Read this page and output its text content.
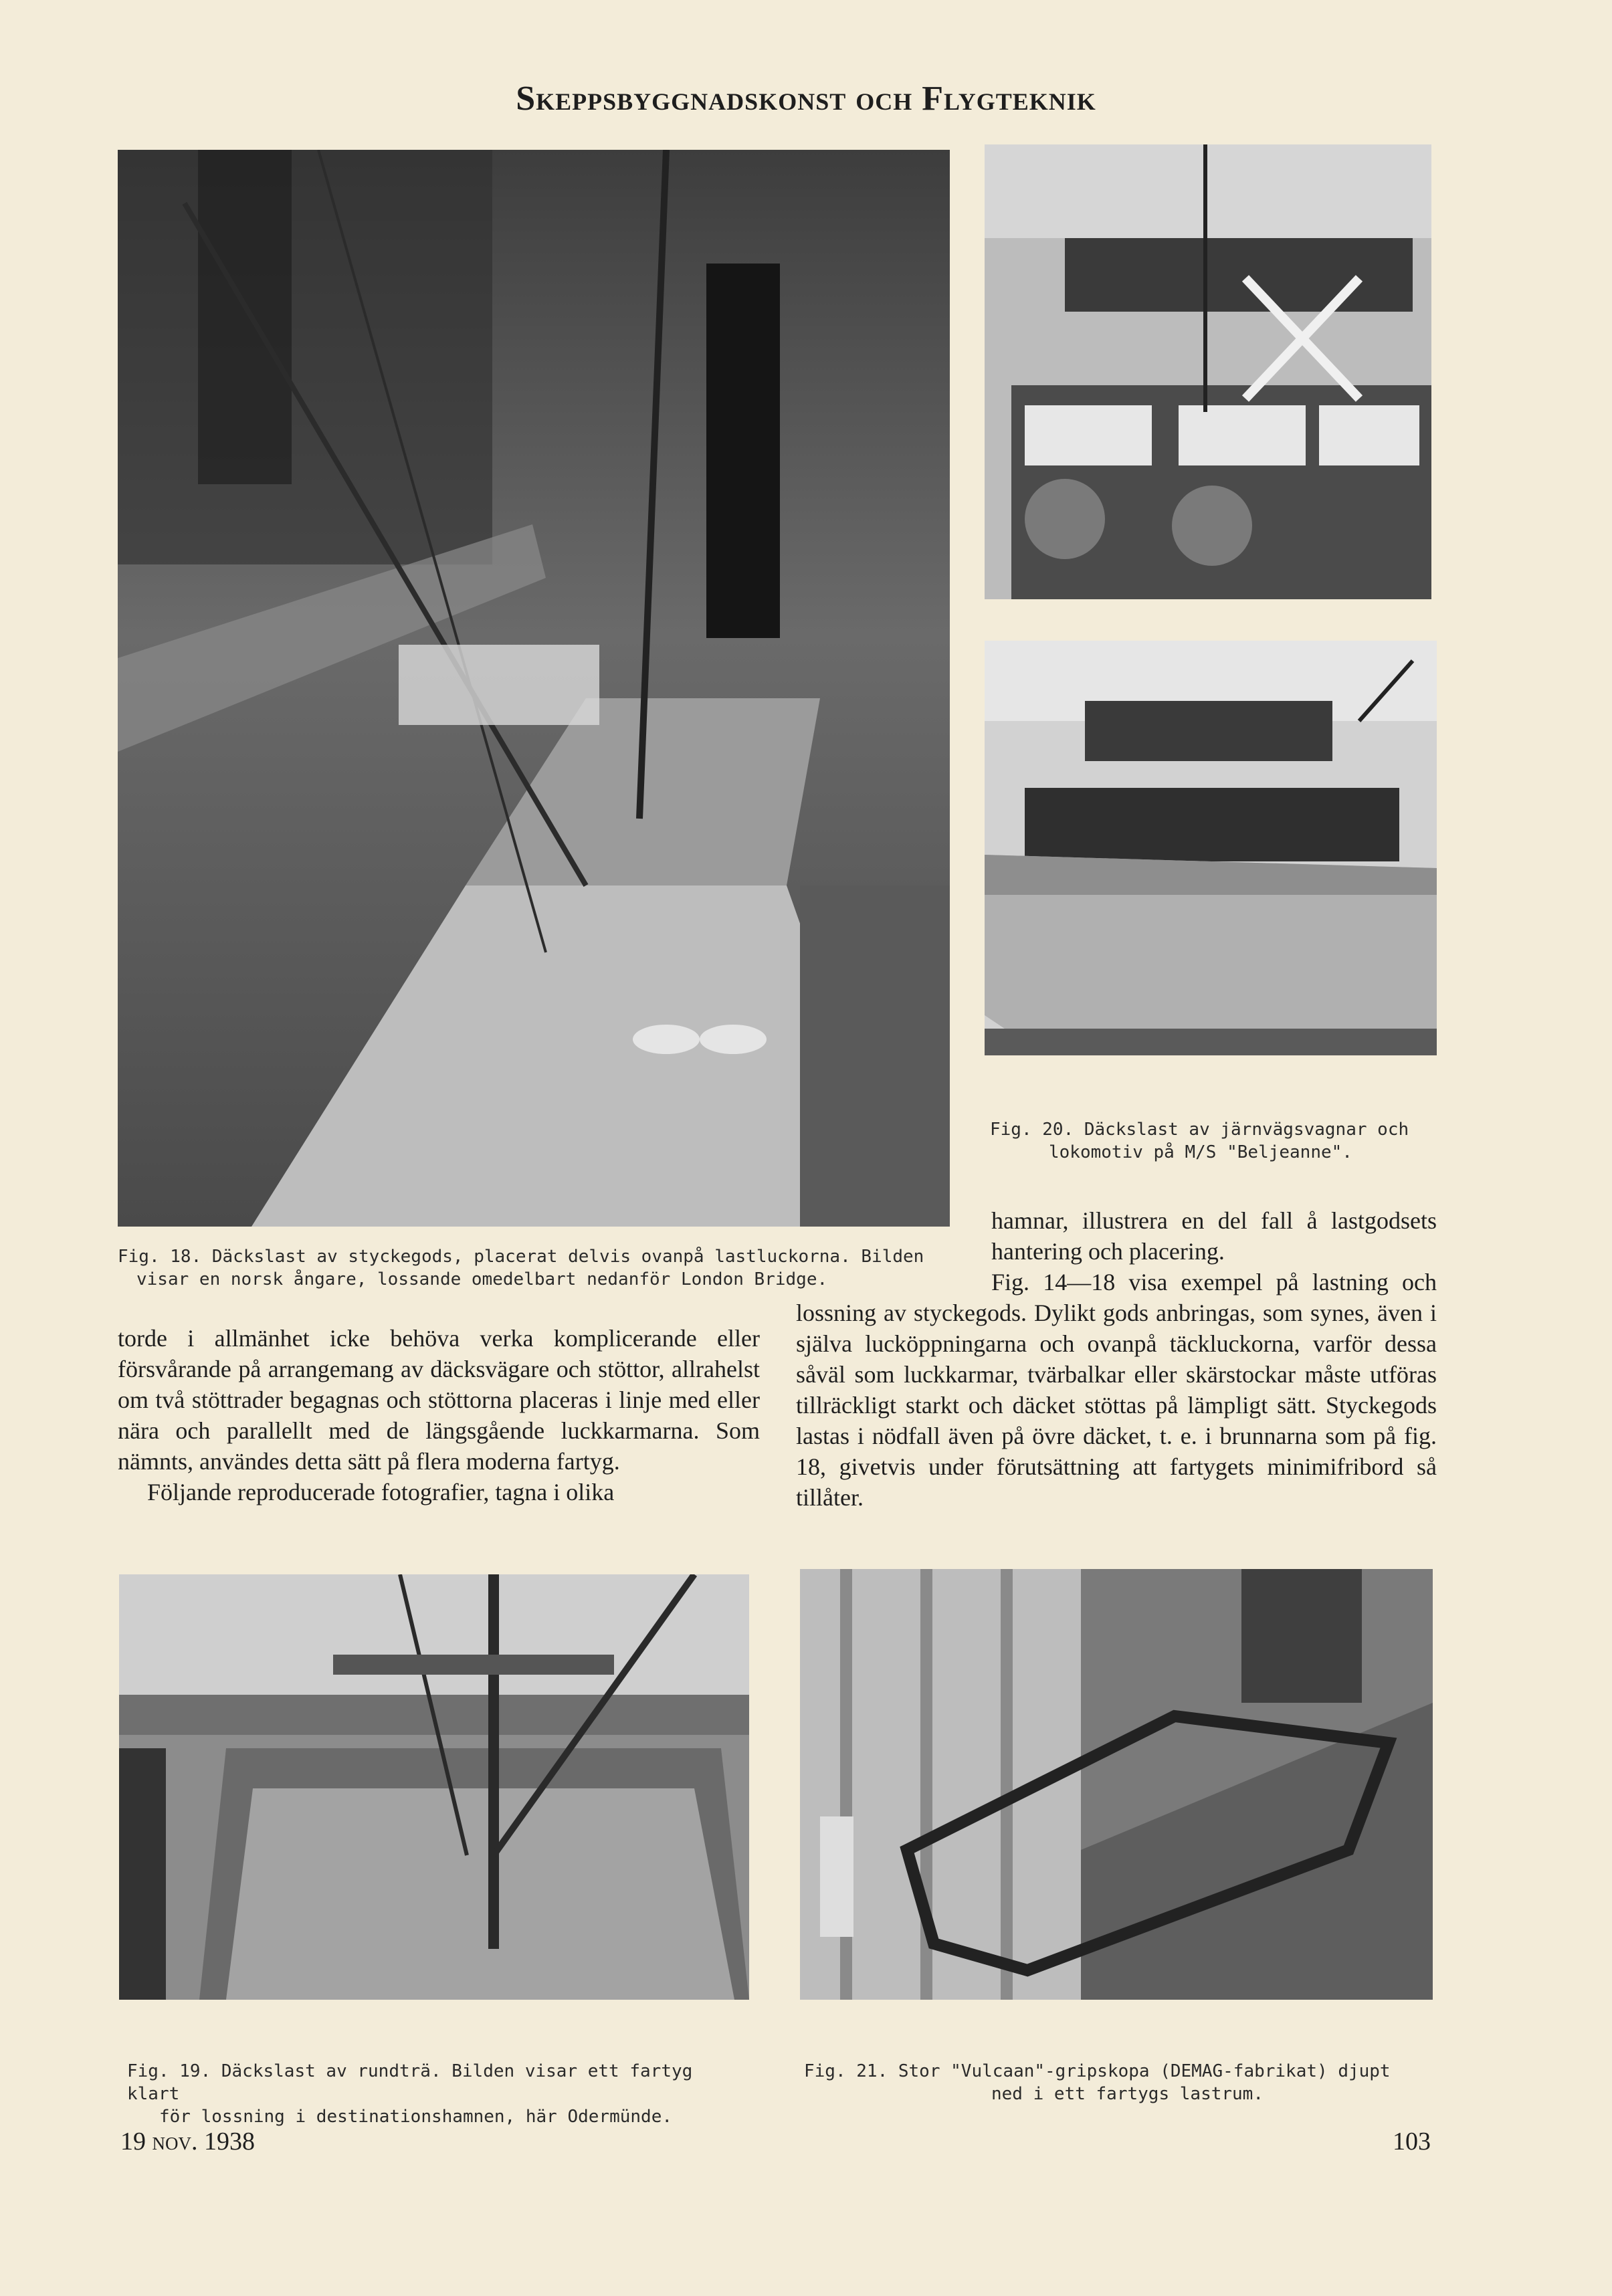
Skeppsbyggnadskonst och Flygteknik
Fig. 18. Däckslast av styckegods, placerat delvis ovanpå lastluckorna. Bilden
visar en norsk ångare, lossande omedelbart nedanför London Bridge.
Fig. 20. Däckslast av järnvägsvagnar och
lokomotiv på M/S "Beljeanne".

hamnar, illustrera en del fall å lastgodsets hantering och placering.

Fig. 14—18 visa exempel på lastning och lossning av styckegods. Dylikt gods anbringas, som synes, även i själva lucköppningarna och ovanpå täckluckorna, varför dessa såväl som luckkarmar, tvärbalkar eller skärstockar måste utföras tillräckligt starkt och däcket stöttas på lämpligt sätt. Styckegods lastas i nödfall även på övre däcket, t. e. i brunnarna som på fig. 18, givetvis under förutsättning att fartygets minimifribord så tillåter.

torde i allmänhet icke behöva verka komplicerande eller försvårande på arrangemang av däcksvägare och stöttor, allrahelst om två stöttrader begagnas och stöttorna placeras i linje med eller nära och parallellt med de längsgående luckkarmarna. Som nämnts, användes detta sätt på flera moderna fartyg.

Följande reproducerade fotografier, tagna i olika

Fig. 19. Däckslast av rundträ. Bilden visar ett fartyg klart
för lossning i destinationshamnen, här Odermünde.
Fig. 21. Stor "Vulcaan"-gripskopa (DEMAG-fabrikat) djupt
ned i ett fartygs lastrum.
19 nov. 1938	103
